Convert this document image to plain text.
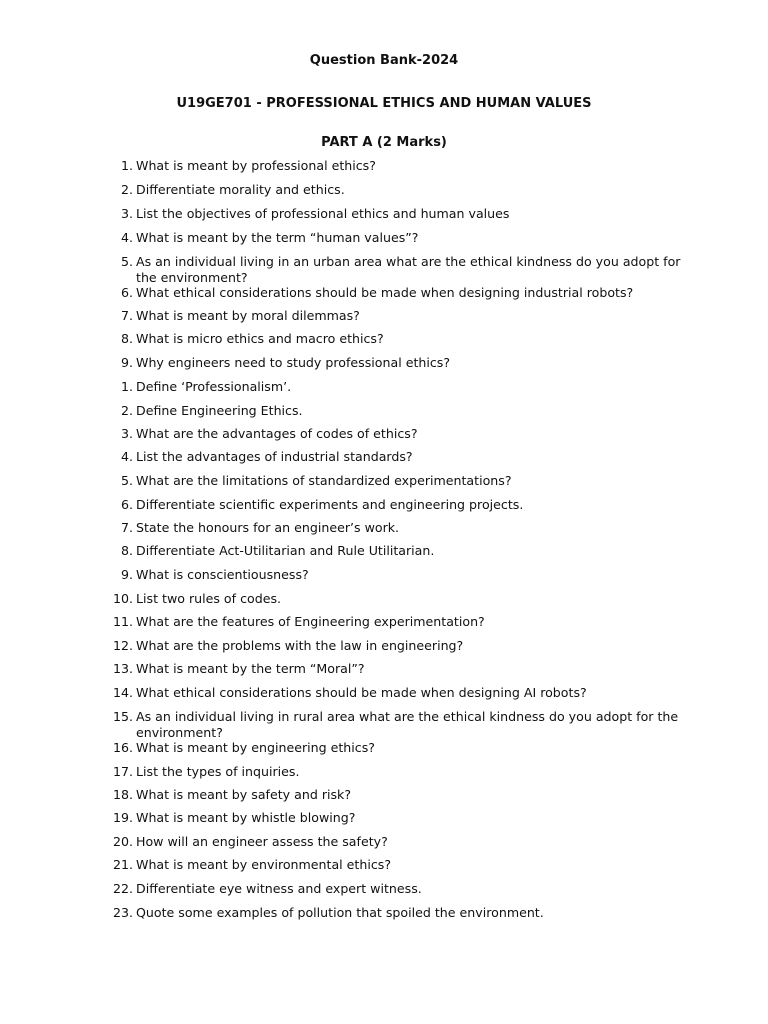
Question Bank-2024
U19GE701 - PROFESSIONAL ETHICS AND HUMAN VALUES
PART A (2 Marks)
1. What is meant by professional ethics?
2. Differentiate morality and ethics.
3. List the objectives of professional ethics and human values
4. What is meant by the term “human values”?
5. As an individual living in an urban area what are the ethical kindness do you adopt for the environment?
6. What ethical considerations should be made when designing industrial robots?
7. What is meant by moral dilemmas?
8. What is micro ethics and macro ethics?
9. Why engineers need to study professional ethics?
1. Define ‘Professionalism’.
2. Define Engineering Ethics.
3. What are the advantages of codes of ethics?
4. List the advantages of industrial standards?
5. What are the limitations of standardized experimentations?
6. Differentiate scientific experiments and engineering projects.
7. State the honours for an engineer’s work.
8. Differentiate Act-Utilitarian and Rule Utilitarian.
9. What is conscientiousness?
10. List two rules of codes.
11. What are the features of Engineering experimentation?
12. What are the problems with the law in engineering?
13. What is meant by the term “Moral”?
14. What ethical considerations should be made when designing AI robots?
15. As an individual living in rural area what are the ethical kindness do you adopt for the environment?
16. What is meant by engineering ethics?
17. List the types of inquiries.
18. What is meant by safety and risk?
19. What is meant by whistle blowing?
20. How will an engineer assess the safety?
21. What is meant by environmental ethics?
22. Differentiate eye witness and expert witness.
23. Quote some examples of pollution that spoiled the environment.
